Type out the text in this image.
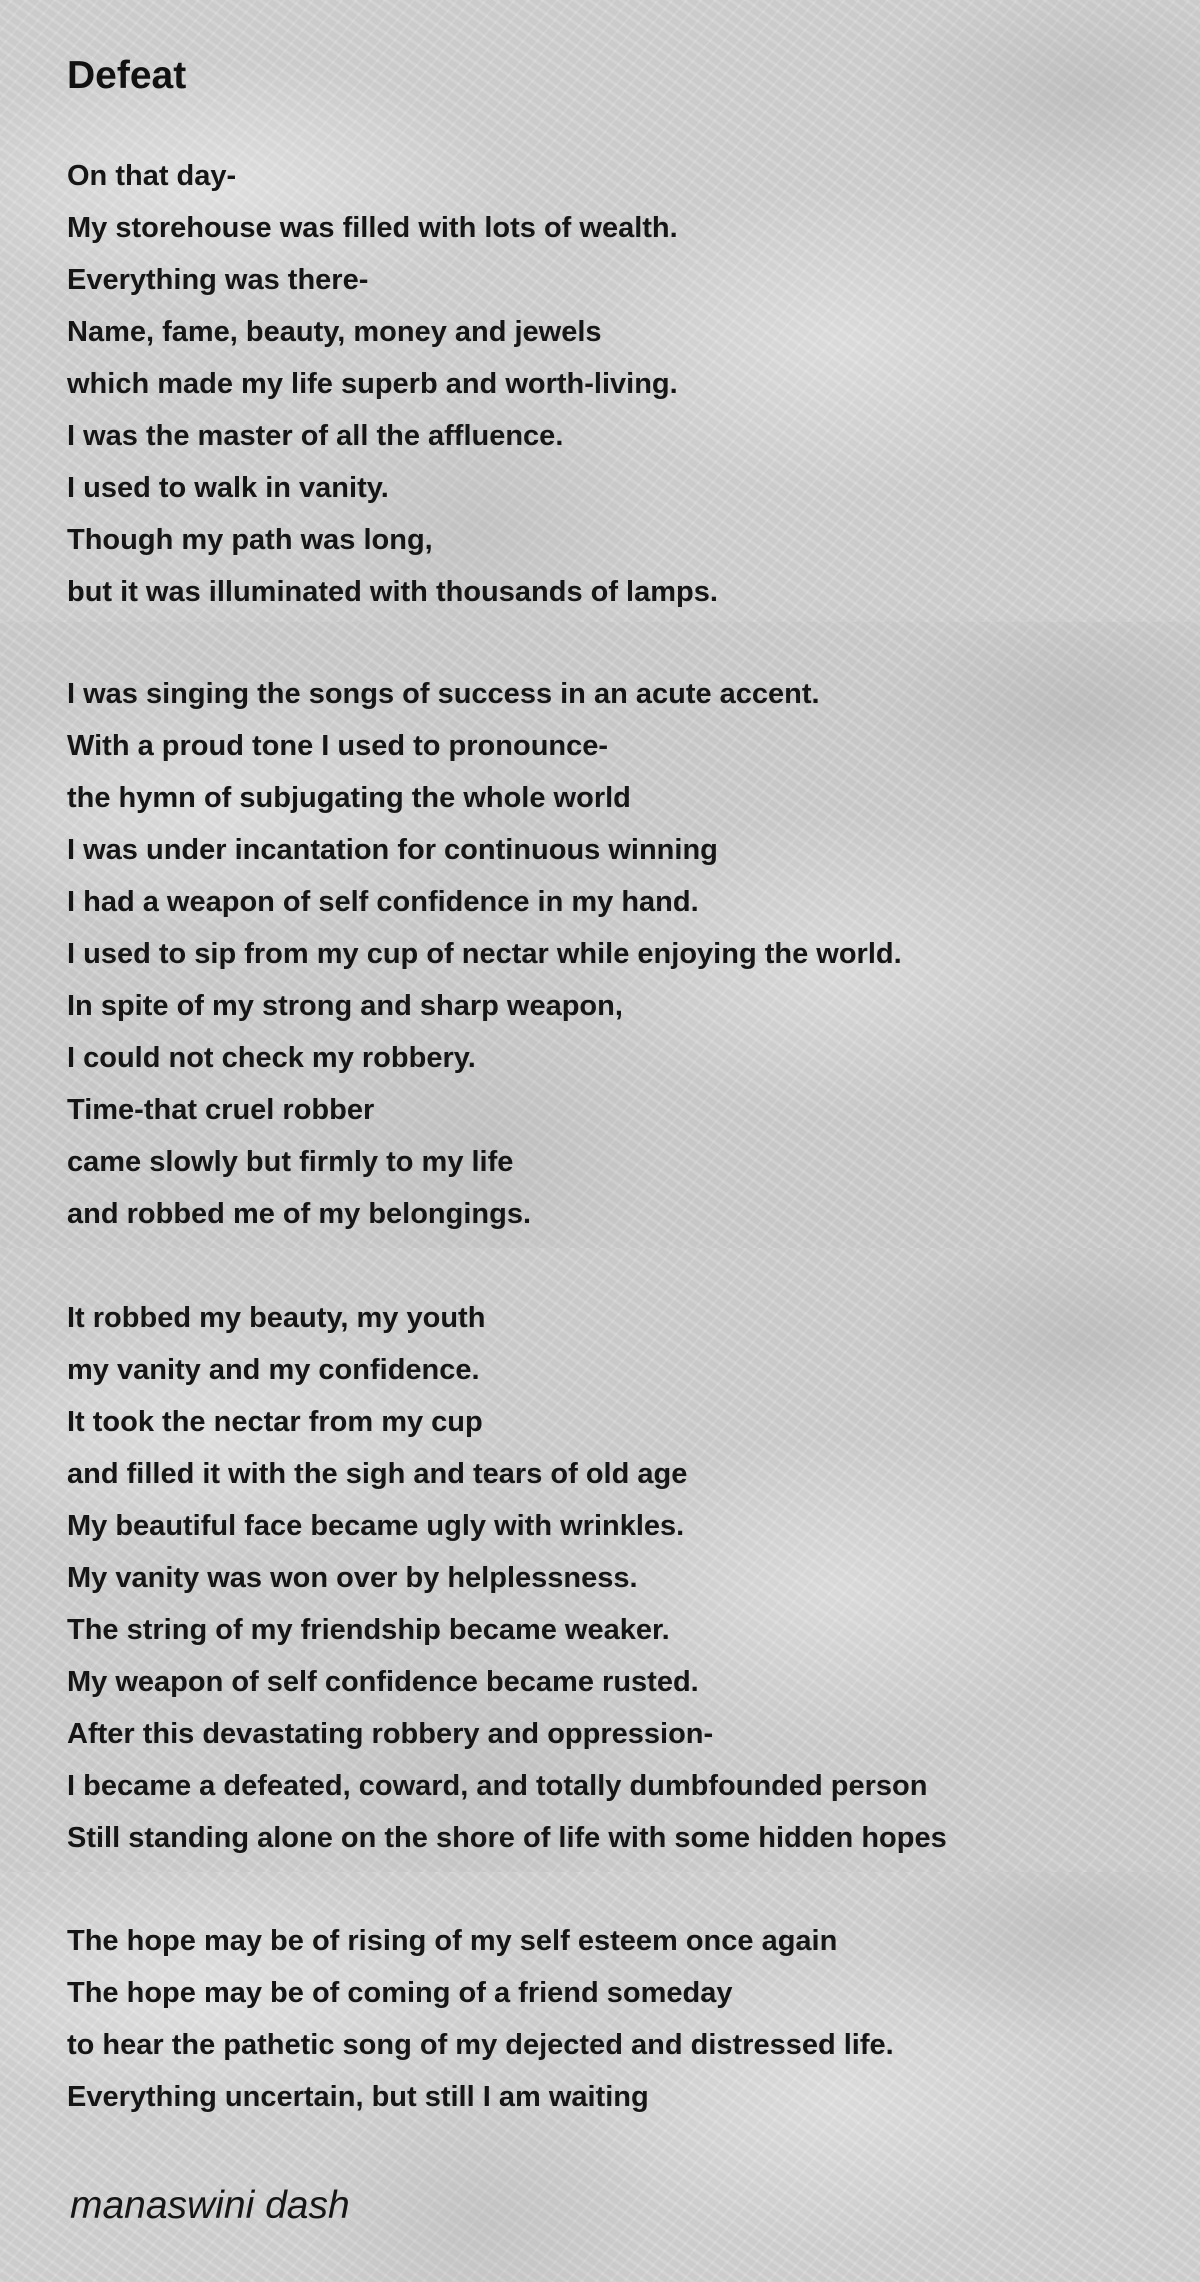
Defeat
On that day-
My storehouse was filled with lots of wealth.
Everything was there-
Name, fame, beauty, money and jewels
which made my life superb and worth-living.
I was the master of all the affluence.
I used to walk in vanity.
Though my path was long,
but it was illuminated with thousands of lamps.
I was singing the songs of success in an acute accent.
With a proud tone I used to pronounce-
the hymn of subjugating the whole world
I was under incantation for continuous winning
I had a weapon of self confidence in my hand.
I used to sip from my cup of nectar while enjoying the world.
In spite of my strong and sharp weapon,
I could not check my robbery.
Time-that cruel robber
came slowly but firmly to my life
and robbed me of my belongings.
It robbed my beauty, my youth
my vanity and my confidence.
It took the nectar from my cup
and filled it with the sigh and tears of old age
My beautiful face became ugly with wrinkles.
My vanity was won over by helplessness.
The string of my friendship became weaker.
My weapon of self confidence became rusted.
After this devastating robbery and oppression-
I became a defeated, coward, and totally dumbfounded person
Still standing alone on the shore of life with some hidden hopes
The hope may be of rising of my self esteem once again
The hope may be of coming of a friend someday
to hear the pathetic song of my dejected and distressed life.
Everything uncertain, but still I am waiting

manaswini dash
